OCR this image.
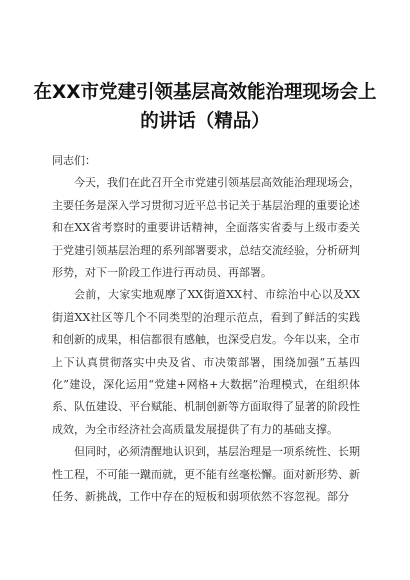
在XX市党建引领基层高效能治理现场会上的讲话（精品）

同志们：

今天，我们在此召开全市党建引领基层高效能治理现场会，主要任务是深入学习贯彻习近平总书记关于基层治理的重要论述和在XX省考察时的重要讲话精神，全面落实省委与上级市委关于党建引领基层治理的系列部署要求，总结交流经验，分析研判形势，对下一阶段工作进行再动员、再部署。

会前，大家实地观摩了XX街道XX村、市综治中心以及XX街道XX社区等几个不同类型的治理示范点，看到了鲜活的实践和创新的成果，相信都很有感触，也深受启发。今年以来，全市上下认真贯彻落实中央及省、市决策部署，围绕加强“五基四化”建设，深化运用“党建+网格+大数据”治理模式，在组织体系、队伍建设、平台赋能、机制创新等方面取得了显著的阶段性成效，为全市经济社会高质量发展提供了有力的基础支撑。

但同时，必须清醒地认识到，基层治理是一项系统性、长期性工程，不可能一蹴而就，更不能有丝毫松懈。面对新形势、新任务、新挑战，工作中存在的短板和弱项依然不容忽视。部分
